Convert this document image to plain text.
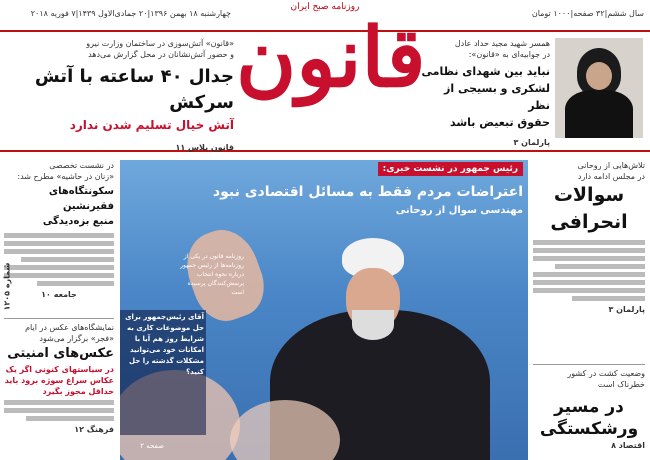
سال ششم|۳۲ صفحه|۱۰۰۰ تومان
چهارشنبه ۱۸ بهمن ۱۳۹۶|۲۰ جمادی‌الاول ۱۴۳۹|۷ فوریه ۲۰۱۸
روزنامه صبح ایران
قانون
«قانون» آتش‌سوزی در ساختمان وزارت نیرو
و حضور آتش‌نشانان در محل گزارش می‌دهد
جدال ۴۰ ساعته با آتش سرکش
آتش خیال تسلیم شدن ندارد
قانون پلاس ۱۱
همسر شهید مجید حداد عادل
در جوابیه‌ای به «قانون»:
نباید بین شهدای نظامی
لشکری و بسیجی از نظر
حقوق تبعیض باشد
پارلمان ۳
در نشست تخصصی
«زنان در حاشیه» مطرح شد:
سکونتگاه‌های فقیرنشین
منبع بزه‌دیدگی
جامعه ۱۰
نمایشگاه‌های عکس در ایام
«فجر» برگزار می‌شود
عکس‌های امنیتی
در سیاستهای کنونی اگر یک عکاس سراغ سوژه برود باید حداقل مجوز بگیرد
فرهنگ ۱۲
رئیس جمهور در نشست خبری:
اعتراضات مردم فقط به مسائل اقتصادی نبود
مهندسی سوال از روحانی
روزنامه قانون در یکی از روزنامه‌ها از رئیس جمهور درباره نحوه انتخاب پرسش‌کنندگان پرسیده است
آقای رئیس‌جمهور برای حل موضوعات کاری به شرایط روز هم آیا با امکانات خود می‌توانید مشکلات گذشته را حل کنید؟
صفحه ۲
تلاش‌هایی از روحانی
در مجلس ادامه دارد
سوالات
انحرافی
پارلمان ۳
وضعیت کشت در کشور
خطرناک است
در مسیر
ورشکستگی
اقتصاد ۸
شماره ۱۲۰۵
